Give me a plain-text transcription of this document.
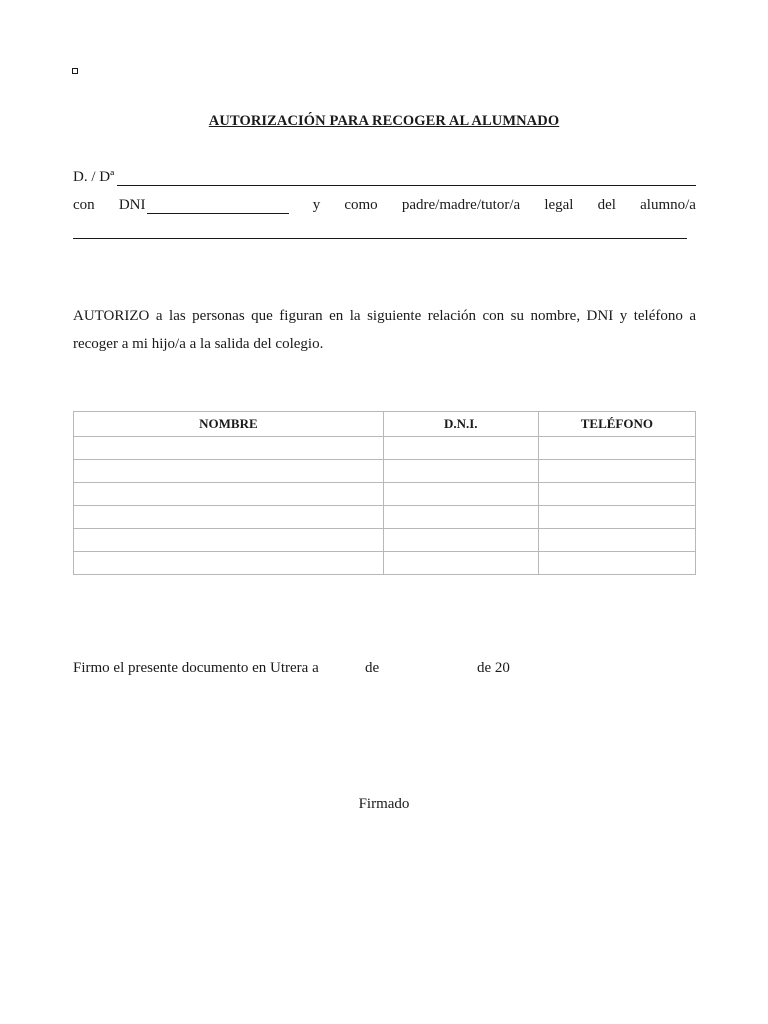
AUTORIZACIÓN PARA RECOGER AL ALUMNADO
D. / Dª
con DNI	y como padre/madre/tutor/a legal del alumno/a
AUTORIZO a las personas que figuran en la siguiente relación con su nombre, DNI y teléfono a recoger a mi hijo/a a la salida del colegio.
NOMBRE	D.N.I.	TELÉFONO

Firmo el presente documento en Utrera a	de	de 20
Firmado
